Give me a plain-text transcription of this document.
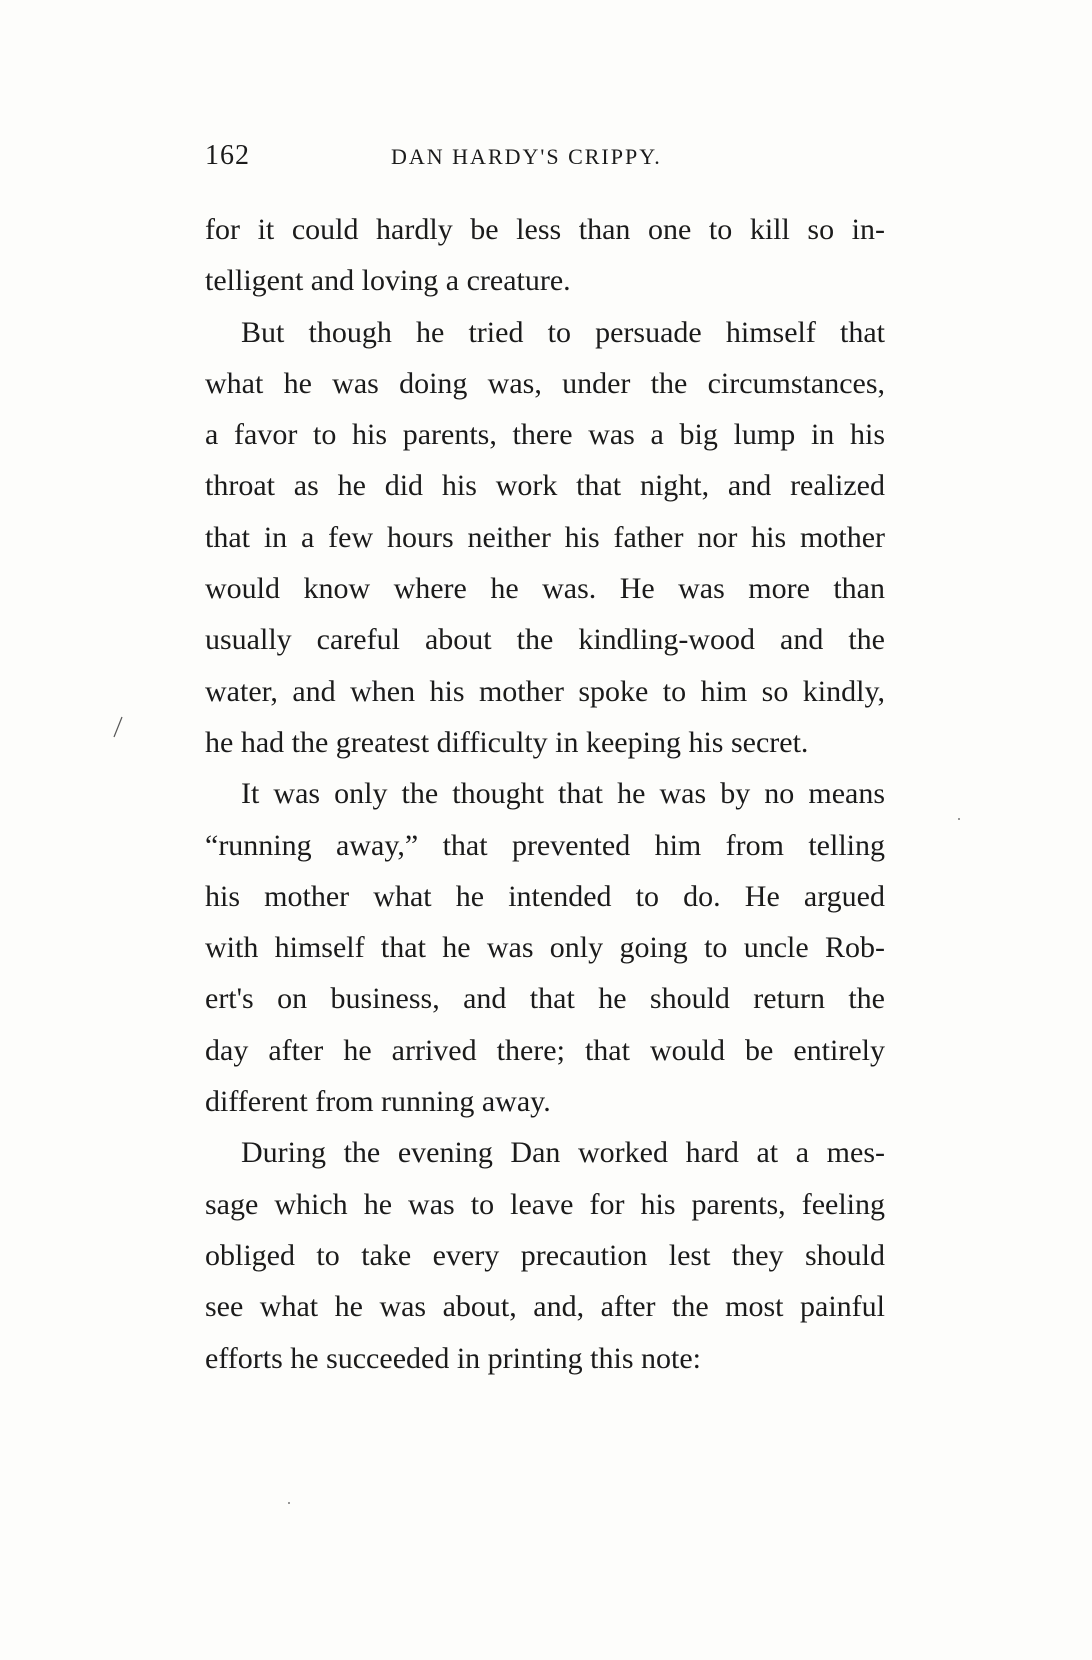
162	DAN HARDY'S CRIPPY.
for it could hardly be less than one to kill so in-
telligent and loving a creature.
But though he tried to persuade himself that
what he was doing was, under the circumstances,
a favor to his parents, there was a big lump in his
throat as he did his work that night, and realized
that in a few hours neither his father nor his mother
would know where he was. He was more than
usually careful about the kindling-wood and the
water, and when his mother spoke to him so kindly,
he had the greatest difficulty in keeping his secret.
It was only the thought that he was by no means
“running away,” that prevented him from telling
his mother what he intended to do. He argued
with himself that he was only going to uncle Rob-
ert's on business, and that he should return the
day after he arrived there; that would be entirely
different from running away.
During the evening Dan worked hard at a mes-
sage which he was to leave for his parents, feeling
obliged to take every precaution lest they should
see what he was about, and, after the most painful
efforts he succeeded in printing this note:
